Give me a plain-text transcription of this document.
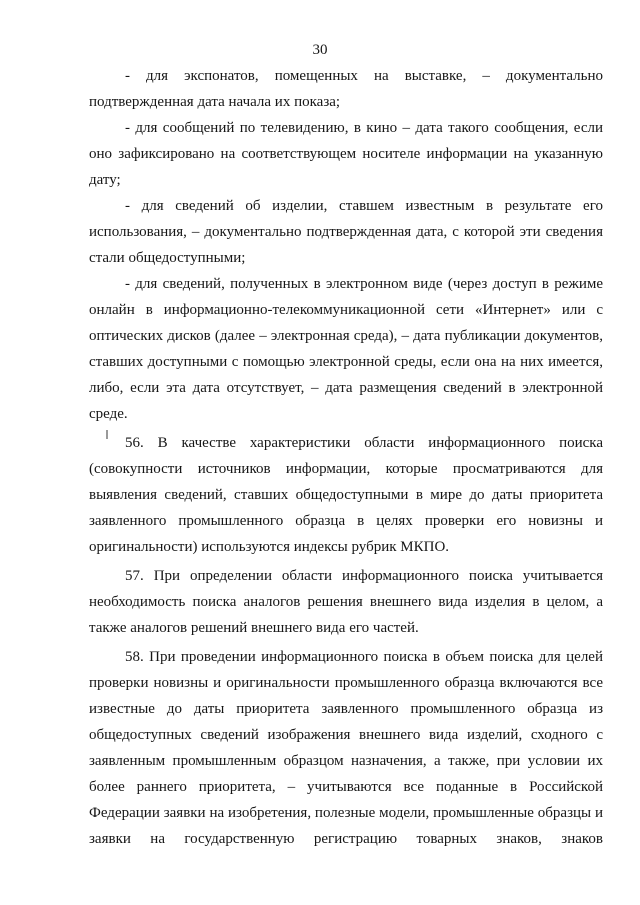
30

- для экспонатов, помещенных на выставке, – документально подтвержденная дата начала их показа;

- для сообщений по телевидению, в кино – дата такого сообщения, если оно зафиксировано на соответствующем носителе информации на указанную дату;

- для сведений об изделии, ставшем известным в результате его использования, – документально подтвержденная дата, с которой эти сведения стали общедоступными;

- для сведений, полученных в электронном виде (через доступ в режиме онлайн в информационно-телекоммуникационной сети «Интернет» или с оптических дисков (далее – электронная среда), – дата публикации документов, ставших доступными с помощью электронной среды, если она на них имеется, либо, если эта дата отсутствует, – дата размещения сведений в электронной среде.

56. В качестве характеристики области информационного поиска (совокупности источников информации, которые просматриваются для выявления сведений, ставших общедоступными в мире до даты приоритета заявленного промышленного образца в целях проверки его новизны и оригинальности) используются индексы рубрик МКПО.

57. При определении области информационного поиска учитывается необходимость поиска аналогов решения внешнего вида изделия в целом, а также аналогов решений внешнего вида его частей.

58. При проведении информационного поиска в объем поиска для целей проверки новизны и оригинальности промышленного образца включаются все известные до даты приоритета заявленного промышленного образца из общедоступных сведений изображения внешнего вида изделий, сходного с заявленным промышленным образцом назначения, а также, при условии их более раннего приоритета, – учитываются все поданные в Российской Федерации заявки на изобретения, полезные модели, промышленные образцы и заявки на государственную регистрацию товарных знаков, знаков
